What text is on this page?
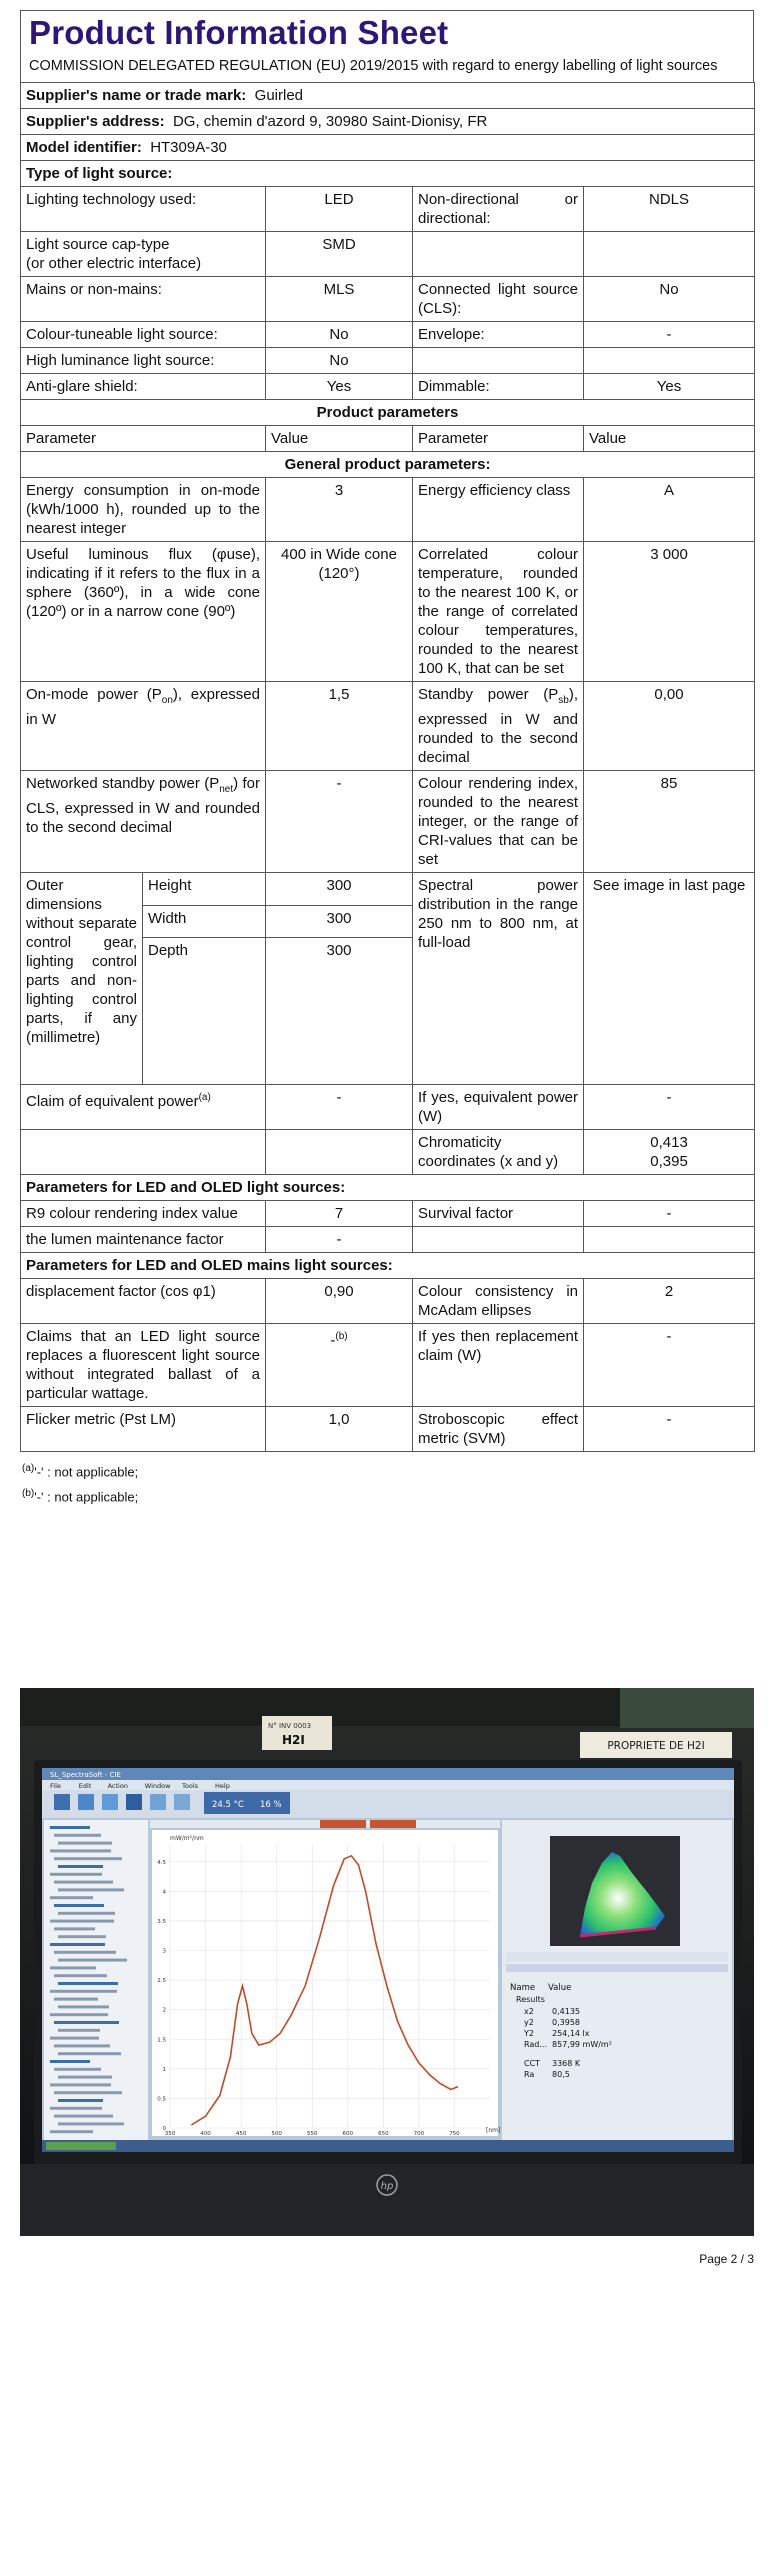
Product Information Sheet
COMMISSION DELEGATED REGULATION (EU) 2019/2015 with regard to energy labelling of light sources
Supplier's name or trade mark: Guirled				
Supplier's address: DG, chemin d'azord 9, 30980 Saint-Dionisy, FR				
Model identifier: HT309A-30				
Type of light source:				
Lighting technology used:		LED	Non-directional or directional:	NDLS
Light source cap-type
(or other electric interface)		SMD		
Mains or non-mains:		MLS	Connected light source (CLS):	No
Colour-tuneable light source:		No	Envelope:	-
High luminance light source:		No		
Anti-glare shield:		Yes	Dimmable:	Yes
Product parameters				
Parameter		Value	Parameter	Value
General product parameters:				
Energy consumption in on-mode (kWh/1000 h), rounded up to the nearest integer		3	Energy efficiency class	A
Useful luminous flux (φuse), indicating if it refers to the flux in a sphere (360º), in a wide cone (120º) or in a narrow cone (90º)		400 in Wide cone (120°)	Correlated colour temperature, rounded to the nearest 100 K, or the range of correlated colour temperatures, rounded to the nearest 100 K, that can be set	3 000
On-mode power $(P_{on})$, expressed in W		1,5	Standby power $(P_{sb})$, expressed in W and rounded to the second decimal	0,00
Networked standby power $(P_{net})$ for CLS, expressed in W and rounded to the second decimal		-	Colour rendering index, rounded to the nearest integer, or the range of CRI-values that can be set	85
Outer dimensions without separate control gear, lighting control parts and non-lighting control parts, if any (millimetre)	Height	300	Spectral power distribution in the range 250 nm to 800 nm, at full-load	See image in last page
	Width	300		
	Depth	300		
Claim of equivalent power$^{(a)}$		-	If yes, equivalent power (W)	-
			Chromaticity coordinates (x and y)	0,413
0,395
Parameters for LED and OLED light sources:				
R9 colour rendering index value		7	Survival factor	-
the lumen maintenance factor		-		
Parameters for LED and OLED mains light sources:				
displacement factor (cos φ1)		0,90	Colour consistency in McAdam ellipses	2
Claims that an LED light source replaces a fluorescent light source without integrated ballast of a particular wattage.		-$^{(b)}$	If yes then replacement claim (W)	-
Flicker metric (Pst LM)		1,0	Stroboscopic effect metric (SVM)	-
$^{(a)}$'-' : not applicable;
$^{(b)}$'-' : not applicable;
N° INV 0003
H2I	PROPRIETE DE H2I
SL_SpectraSoft - CIE
File	Edit Action	Window Tools	Help
24.5 °C 16 %
mW/m²/nm
0
0.5
1
1.5
2
2.5
3
3.5
4
4.5
350	400	450	500	550	600	650	700	750	[nm]
Name Value
Results
x2 0,4135
y2 0,3958
Y2 254,14 lx
Rad... 857,99 mW/m²
CCT 3368 K
Ra 80,5
hp
Page 2 / 3
